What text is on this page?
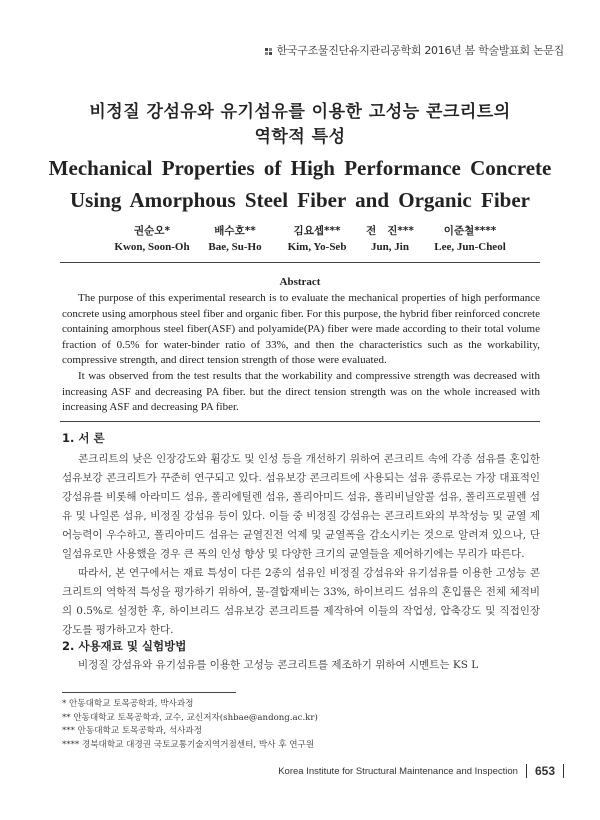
한국구조물진단유지관리공학회 2016년 봄 학술발표회 논문집
비정질 강섬유와 유기섬유를 이용한 고성능 콘크리트의
역학적 특성
Mechanical Properties of High Performance Concrete
Using Amorphous Steel Fiber and Organic Fiber
권순오*
Kwon, Soon-Oh
배수호**
Bae, Su-Ho
김요셉***
Kim, Yo-Seb
전   진***
Jun, Jin
이준철****
Lee, Jun-Cheol
Abstract

The purpose of this experimental research is to evaluate the mechanical properties of high performance concrete using amorphous steel fiber and organic fiber. For this purpose, the hybrid fiber reinforced concrete containing amorphous steel fiber(ASF) and polyamide(PA) fiber were made according to their total volume fraction of 0.5% for water-binder ratio of 33%, and then the characteristics such as the workability, compressive strength, and direct tension strength of those were evaluated.

It was observed from the test results that the workability and compressive strength was decreased with increasing ASF and decreasing PA fiber. but the direct tension strength was on the whole increased with increasing ASF and decreasing PA fiber.

1. 서 론

콘크리트의 낮은 인장강도와 휨강도 및 인성 등을 개선하기 위하여 콘크리트 속에 각종 섬유를 혼입한 섬유보강 콘크리트가 꾸준히 연구되고 있다. 섬유보강 콘크리트에 사용되는 섬유 종류로는 가장 대표적인 강섬유를 비롯해 아라미드 섬유, 폴리에틸렌 섬유, 폴리아미드 섬유, 폴리비닐알콜 섬유, 폴리프로필렌 섬유 및 나일론 섬유, 비정질 강섬유 등이 있다. 이들 중 비정질 강섬유는 콘크리트와의 부착성능 및 균열 제어능력이 우수하고, 폴리아미드 섬유는 균열진전 억제 및 균열폭을 감소시키는 것으로 알려져 있으나, 단일섬유로만 사용했을 경우 큰 폭의 인성 향상 및 다양한 크기의 균열들을 제어하기에는 무리가 따른다.

따라서, 본 연구에서는 재료 특성이 다른 2종의 섬유인 비정질 강섬유와 유기섬유를 이용한 고성능 콘크리트의 역학적 특성을 평가하기 위하여, 물-결합재비는 33%, 하이브리드 섬유의 혼입률은 전체 체적비의 0.5%로 설정한 후, 하이브리드 섬유보강 콘크리트를 제작하여 이들의 작업성, 압축강도 및 직접인장강도를 평가하고자 한다.

2. 사용재료 및 실험방법

비정질 강섬유와 유기섬유를 이용한 고성능 콘크리트를 제조하기 위하여 시멘트는 KS L

* 안동대학교 토목공학과, 박사과정
** 안동대학교 토목공학과, 교수, 교신저자(shbae@andong.ac.kr)
*** 안동대학교 토목공학과, 석사과정
**** 경북대학교 대경권 국토교통기술지역거점센터, 박사 후 연구원
Korea Institute for Structural Maintenance and Inspection 653
